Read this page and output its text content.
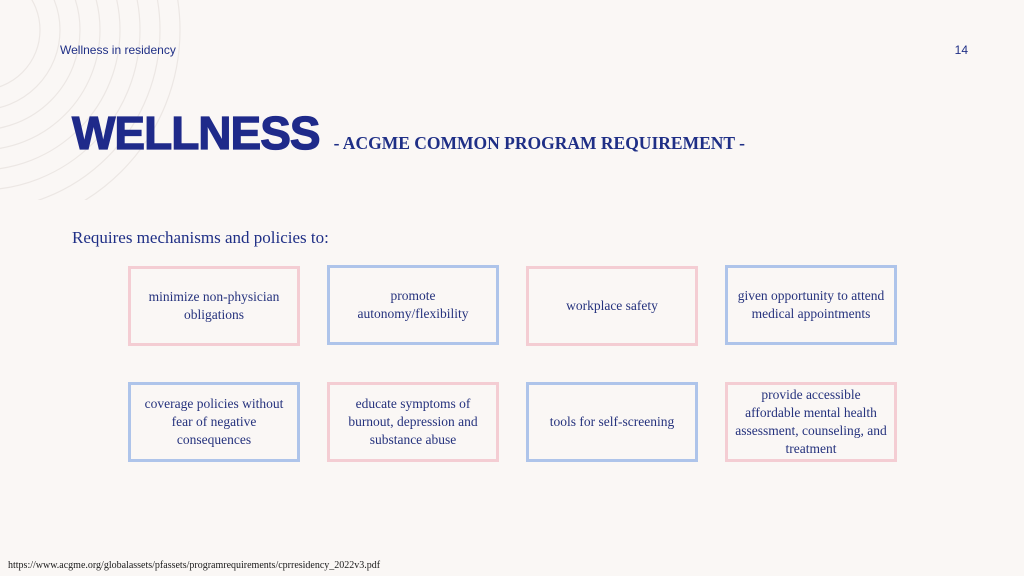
Wellness in residency	14
WELLNESS - ACGME COMMON PROGRAM REQUIREMENT -
Requires mechanisms and policies to:
minimize non-physician obligations
promote autonomy/flexibility
workplace safety
given opportunity to attend medical appointments
coverage policies without fear of negative consequences
educate symptoms of burnout, depression and substance abuse
tools for self-screening
provide accessible affordable mental health assessment, counseling, and treatment
https://www.acgme.org/globalassets/pfassets/programrequirements/cprresidency_2022v3.pdf
